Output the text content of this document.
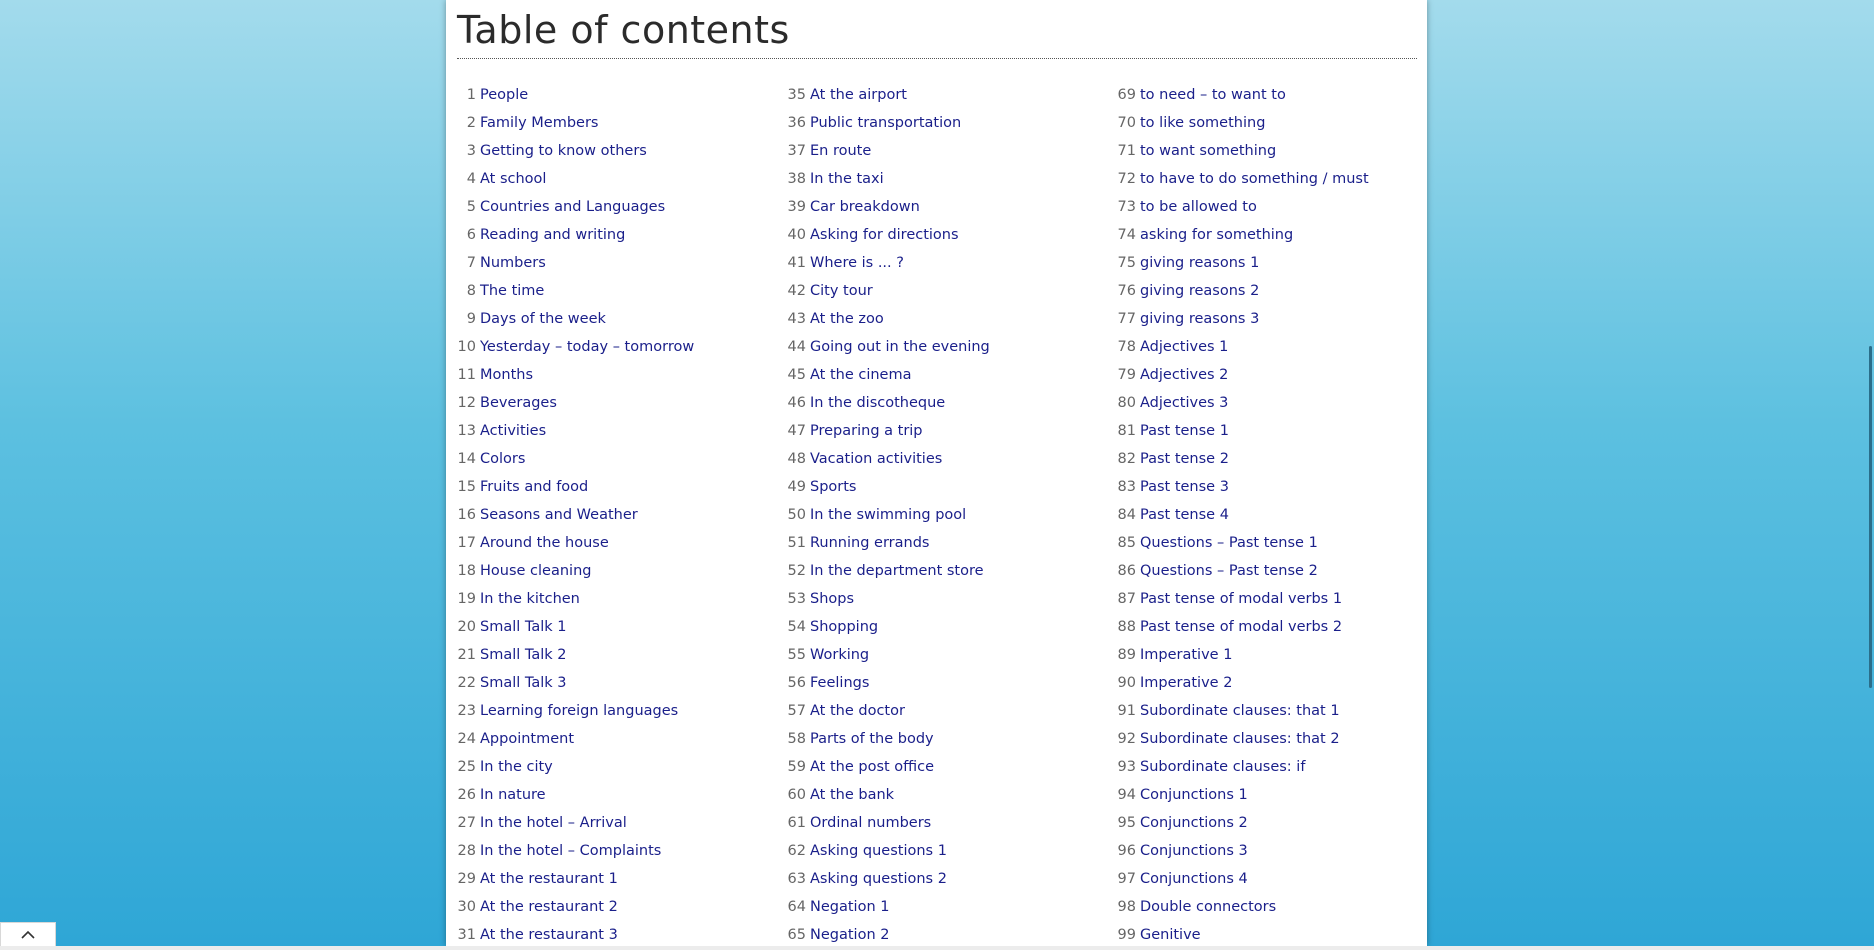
Table of contents
1 People
2 Family Members
3 Getting to know others
4 At school
5 Countries and Languages
6 Reading and writing
7 Numbers
8 The time
9 Days of the week
10 Yesterday – today – tomorrow
11 Months
12 Beverages
13 Activities
14 Colors
15 Fruits and food
16 Seasons and Weather
17 Around the house
18 House cleaning
19 In the kitchen
20 Small Talk 1
21 Small Talk 2
22 Small Talk 3
23 Learning foreign languages
24 Appointment
25 In the city
26 In nature
27 In the hotel – Arrival
28 In the hotel – Complaints
29 At the restaurant 1
30 At the restaurant 2
31 At the restaurant 3
35 At the airport
36 Public transportation
37 En route
38 In the taxi
39 Car breakdown
40 Asking for directions
41 Where is ... ?
42 City tour
43 At the zoo
44 Going out in the evening
45 At the cinema
46 In the discotheque
47 Preparing a trip
48 Vacation activities
49 Sports
50 In the swimming pool
51 Running errands
52 In the department store
53 Shops
54 Shopping
55 Working
56 Feelings
57 At the doctor
58 Parts of the body
59 At the post office
60 At the bank
61 Ordinal numbers
62 Asking questions 1
63 Asking questions 2
64 Negation 1
65 Negation 2
69 to need – to want to
70 to like something
71 to want something
72 to have to do something / must
73 to be allowed to
74 asking for something
75 giving reasons 1
76 giving reasons 2
77 giving reasons 3
78 Adjectives 1
79 Adjectives 2
80 Adjectives 3
81 Past tense 1
82 Past tense 2
83 Past tense 3
84 Past tense 4
85 Questions – Past tense 1
86 Questions – Past tense 2
87 Past tense of modal verbs 1
88 Past tense of modal verbs 2
89 Imperative 1
90 Imperative 2
91 Subordinate clauses: that 1
92 Subordinate clauses: that 2
93 Subordinate clauses: if
94 Conjunctions 1
95 Conjunctions 2
96 Conjunctions 3
97 Conjunctions 4
98 Double connectors
99 Genitive
